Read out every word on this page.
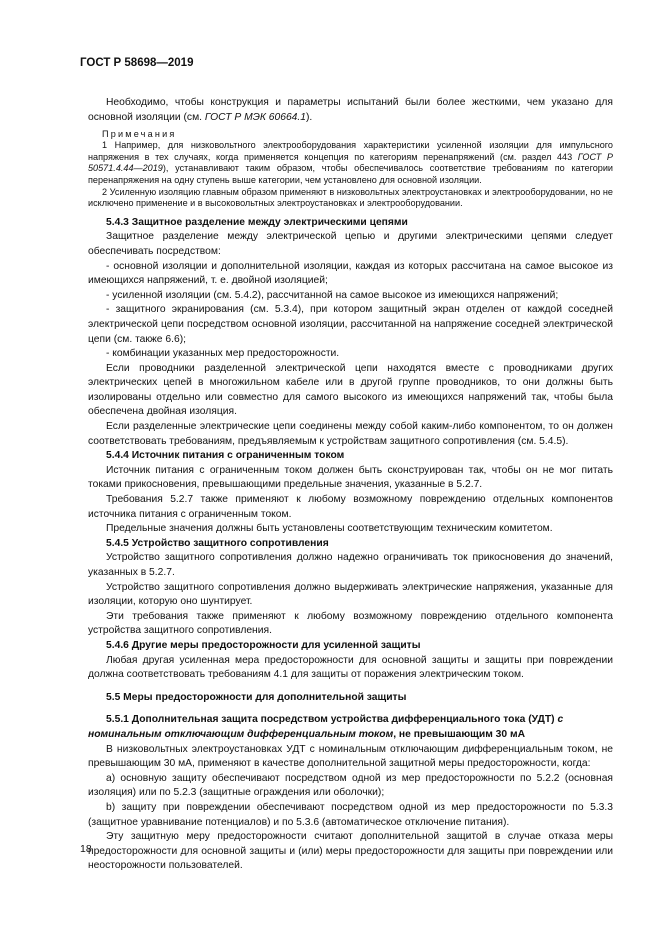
ГОСТ Р 58698—2019

Необходимо, чтобы конструкция и параметры испытаний были более жесткими, чем указано для основной изоляции (см. ГОСТ Р МЭК 60664.1).

Примечания

1 Например, для низковольтного электрооборудования характеристики усиленной изоляции для импульсного напряжения в тех случаях, когда применяется концепция по категориям перенапряжений (см. раздел 443 ГОСТ Р 50571.4.44—2019), устанавливают таким образом, чтобы обеспечивалось соответствие требованиям по категории перенапряжения на одну ступень выше категории, чем установлено для основной изоляции.

2 Усиленную изоляцию главным образом применяют в низковольтных электроустановках и электрооборудовании, но не исключено применение и в высоковольтных электроустановках и электрооборудовании.

5.4.3 Защитное разделение между электрическими цепями

Защитное разделение между электрической цепью и другими электрическими цепями следует обеспечивать посредством:

- основной изоляции и дополнительной изоляции, каждая из которых рассчитана на самое высокое из имеющихся напряжений, т. е. двойной изоляцией;

- усиленной изоляции (см. 5.4.2), рассчитанной на самое высокое из имеющихся напряжений;

- защитного экранирования (см. 5.3.4), при котором защитный экран отделен от каждой соседней электрической цепи посредством основной изоляции, рассчитанной на напряжение соседней электрической цепи (см. также 6.6);

- комбинации указанных мер предосторожности.

Если проводники разделенной электрической цепи находятся вместе с проводниками других электрических цепей в многожильном кабеле или в другой группе проводников, то они должны быть изолированы отдельно или совместно для самого высокого из имеющихся напряжений так, чтобы была обеспечена двойная изоляция.

Если разделенные электрические цепи соединены между собой каким-либо компонентом, то он должен соответствовать требованиям, предъявляемым к устройствам защитного сопротивления (см. 5.4.5).

5.4.4 Источник питания с ограниченным током

Источник питания с ограниченным током должен быть сконструирован так, чтобы он не мог питать токами прикосновения, превышающими предельные значения, указанные в 5.2.7.

Требования 5.2.7 также применяют к любому возможному повреждению отдельных компонентов источника питания с ограниченным током.

Предельные значения должны быть установлены соответствующим техническим комитетом.

5.4.5 Устройство защитного сопротивления

Устройство защитного сопротивления должно надежно ограничивать ток прикосновения до значений, указанных в 5.2.7.

Устройство защитного сопротивления должно выдерживать электрические напряжения, указанные для изоляции, которую оно шунтирует.

Эти требования также применяют к любому возможному повреждению отдельного компонента устройства защитного сопротивления.

5.4.6 Другие меры предосторожности для усиленной защиты

Любая другая усиленная мера предосторожности для основной защиты и защиты при повреждении должна соответствовать требованиям 4.1 для защиты от поражения электрическим током.

5.5 Меры предосторожности для дополнительной защиты

5.5.1 Дополнительная защита посредством устройства дифференциального тока (УДТ) с номинальным отключающим дифференциальным током, не превышающим 30 мА

В низковольтных электроустановках УДТ с номинальным отключающим дифференциальным током, не превышающим 30 мА, применяют в качестве дополнительной защитной меры предосторожности, когда:

a) основную защиту обеспечивают посредством одной из мер предосторожности по 5.2.2 (основная изоляция) или по 5.2.3 (защитные ограждения или оболочки);

b) защиту при повреждении обеспечивают посредством одной из мер предосторожности по 5.3.3 (защитное уравнивание потенциалов) и по 5.3.6 (автоматическое отключение питания).

Эту защитную меру предосторожности считают дополнительной защитой в случае отказа меры предосторожности для основной защиты и (или) меры предосторожности для защиты при повреждении или неосторожности пользователей.

18
